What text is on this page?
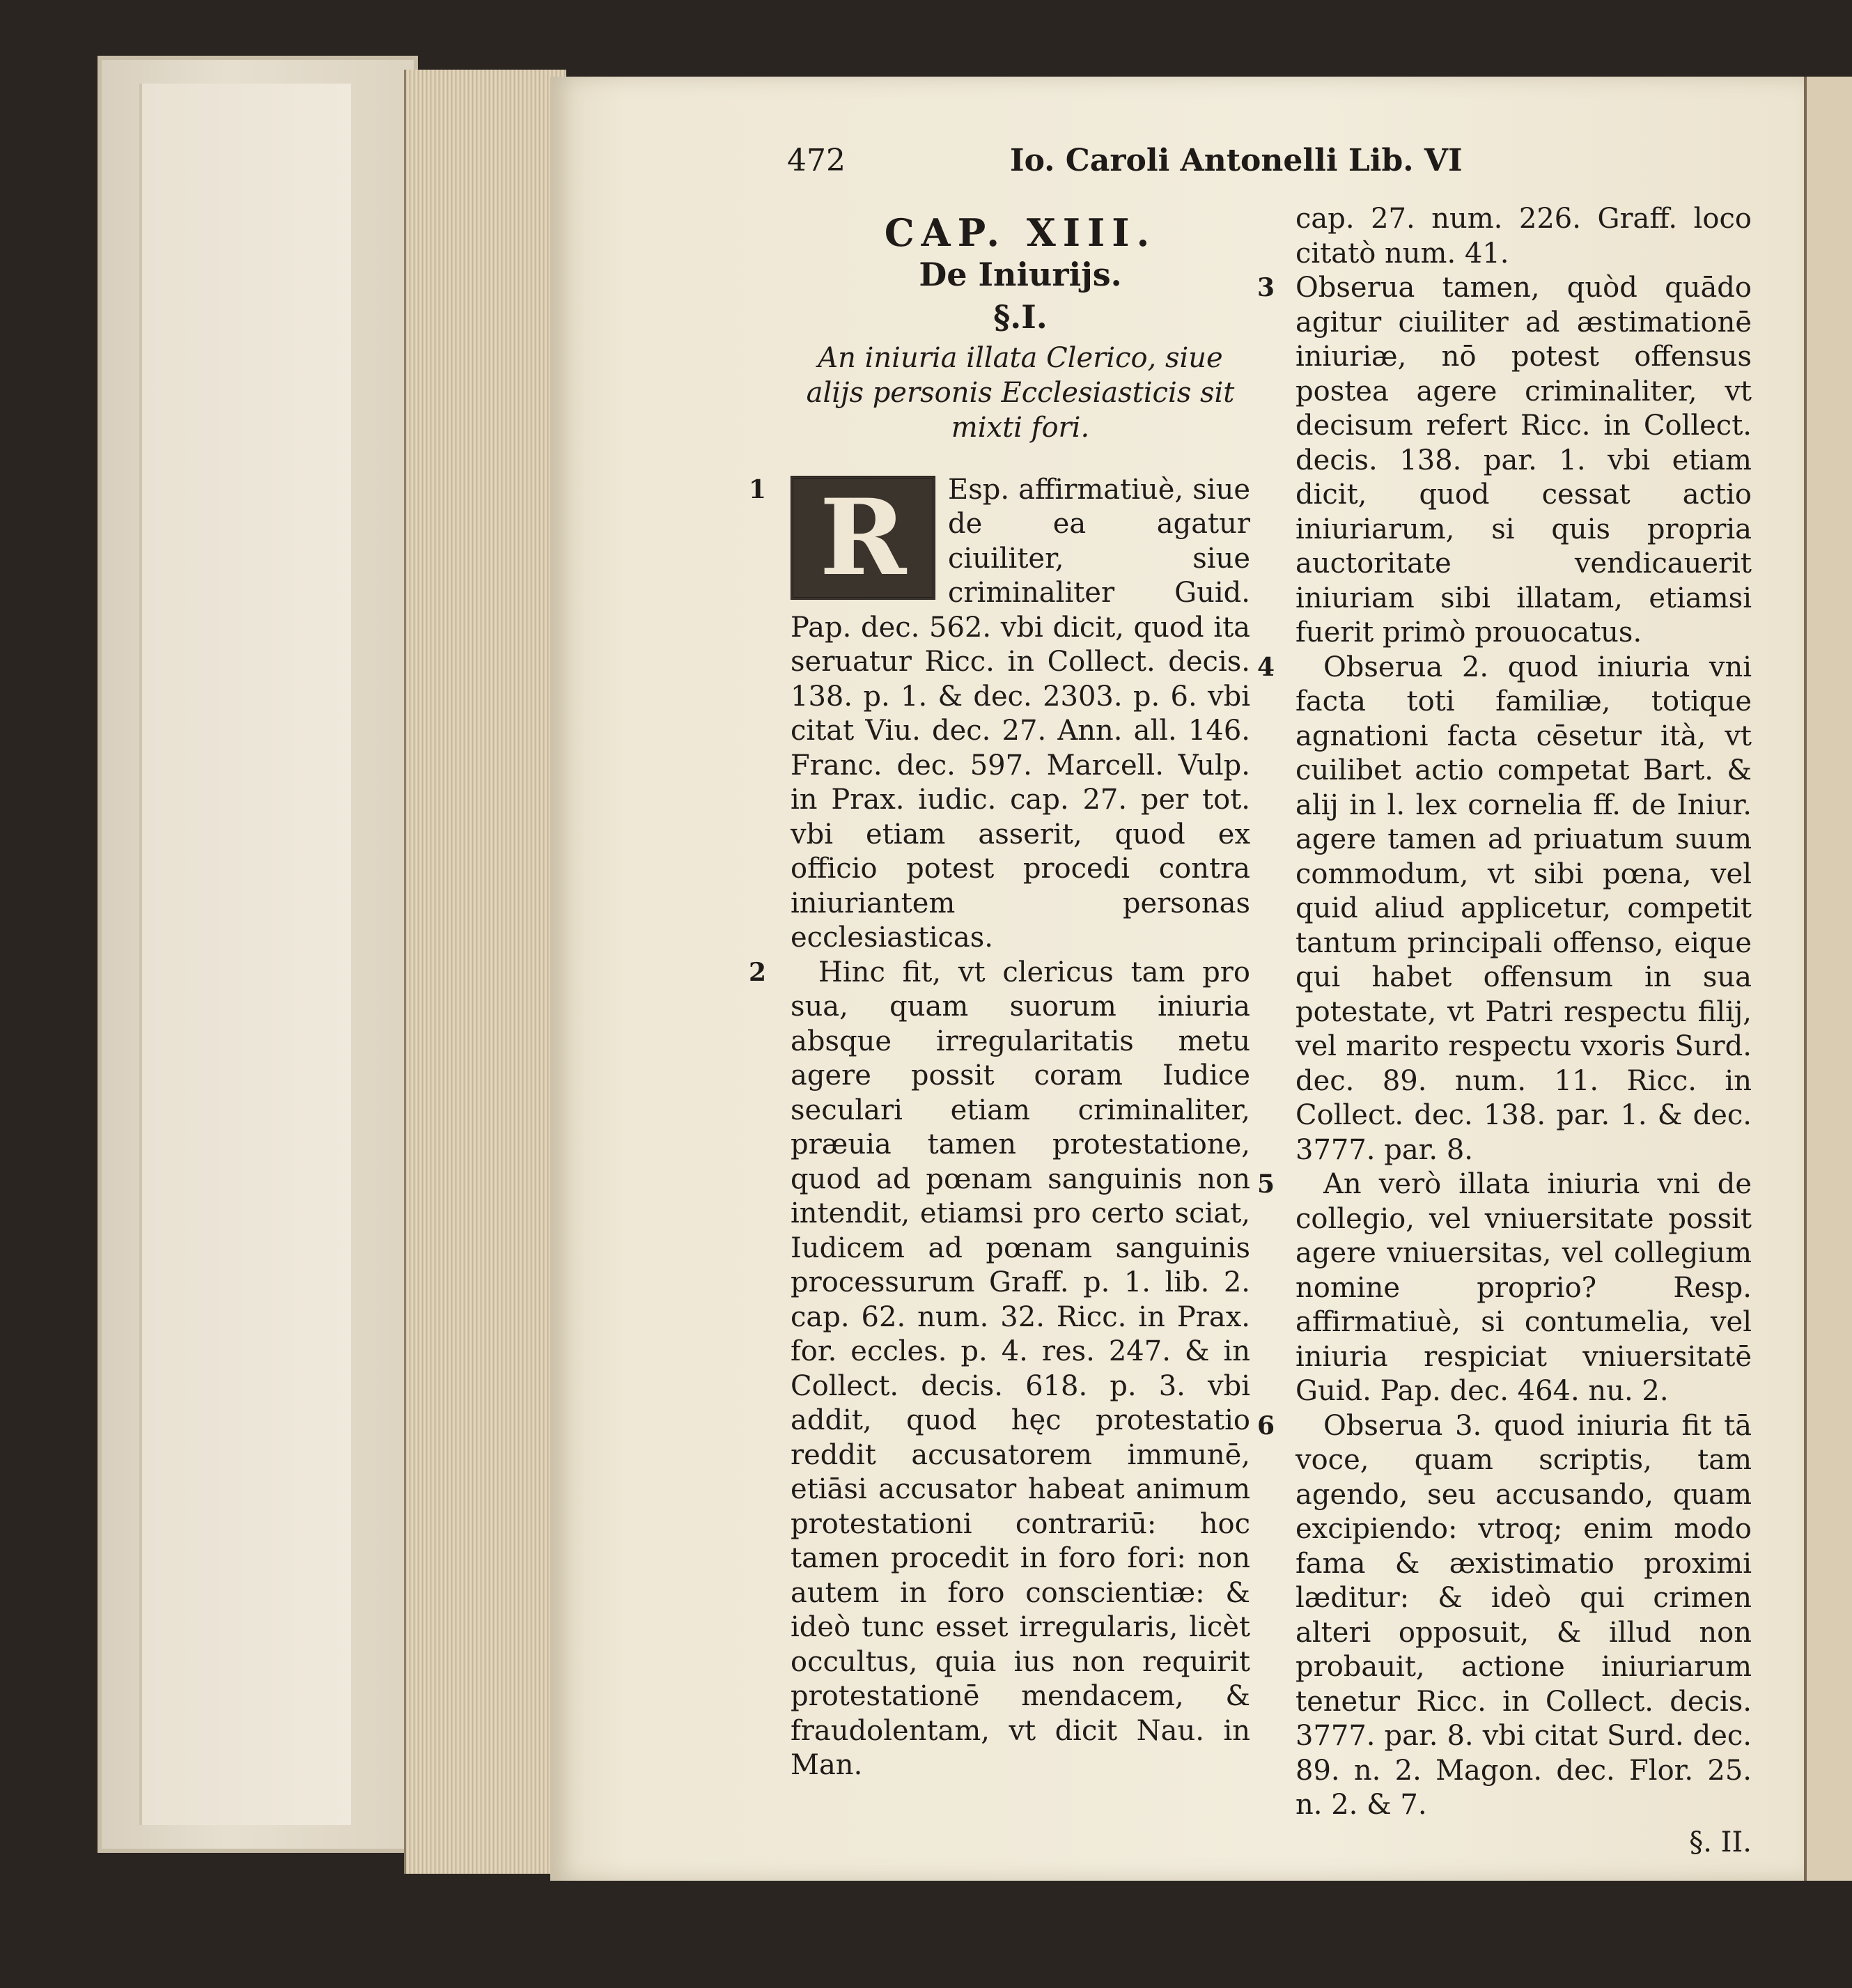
472	Io. Caroli Antonelli Lib. VI
CAP. XIII.
De Iniurijs.
§.I.
An iniuria illata Clerico, siue alijs personis Ecclesiasticis sit mixti fori.
1 R	Esp. affirmatiuè, siue de ea agatur ciuiliter, siue criminaliter Guid. Pap. dec. 562. vbi dicit, quod ita seruatur Ricc. in Collect. decis. 138. p. 1. & dec. 2303. p. 6. vbi citat Viu. dec. 27. Ann. all. 146. Franc. dec. 597. Marcell. Vulp. in Prax. iudic. cap. 27. per tot. vbi etiam asserit, quod ex officio potest procedi contra iniuriantem personas ecclesiasticas.
2 Hinc fit, vt clericus tam pro sua, quam suorum iniuria absque irregularitatis metu agere possit coram Iudice seculari etiam criminaliter, præuia tamen protestatione, quod ad pœnam sanguinis non intendit, etiamsi pro certo sciat, Iudicem ad pœnam sanguinis processurum Graff. p. 1. lib. 2. cap. 62. num. 32. Ricc. in Prax. for. eccles. p. 4. res. 247. & in Collect. decis. 618. p. 3. vbi addit, quod hęc protestatio reddit accusatorem immunē, etiāsi accusator habeat animum protestationi contrariū: hoc tamen procedit in foro fori: non autem in foro conscientiæ: & ideò tunc esset irregularis, licèt occultus, quia ius non requirit protestationē mendacem, & fraudolentam, vt dicit Nau. in Man.
cap. 27. num. 226. Graff. loco citatò num. 41.
3 Obserua tamen, quòd quādo agitur ciuiliter ad æstimationē iniuriæ, nō potest offensus postea agere criminaliter, vt decisum refert Ricc. in Collect. decis. 138. par. 1. vbi etiam dicit, quod cessat actio iniuriarum, si quis propria auctoritate vendicauerit iniuriam sibi illatam, etiamsi fuerit primò prouocatus.
4 Obserua 2. quod iniuria vni facta toti familiæ, totique agnationi facta cēsetur ità, vt cuilibet actio competat Bart. & alij in l. lex cornelia ff. de Iniur. agere tamen ad priuatum suum commodum, vt sibi pœna, vel quid aliud applicetur, competit tantum principali offenso, eique qui habet offensum in sua potestate, vt Patri respectu filij, vel marito respectu vxoris Surd. dec. 89. num. 11. Ricc. in Collect. dec. 138. par. 1. & dec. 3777. par. 8.
5 An verò illata iniuria vni de collegio, vel vniuersitate possit agere vniuersitas, vel collegium nomine proprio? Resp. affirmatiuè, si contumelia, vel iniuria respiciat vniuersitatē Guid. Pap. dec. 464. nu. 2.
6 Obserua 3. quod iniuria fit tā voce, quam scriptis, tam agendo, seu accusando, quam excipiendo: vtroq; enim modo fama & æxistimatio proximi læditur: & ideò qui crimen alteri opposuit, & illud non probauit, actione iniuriarum tenetur Ricc. in Collect. decis. 3777. par. 8. vbi citat Surd. dec. 89. n. 2. Magon. dec. Flor. 25. n. 2. & 7.
§. II.
